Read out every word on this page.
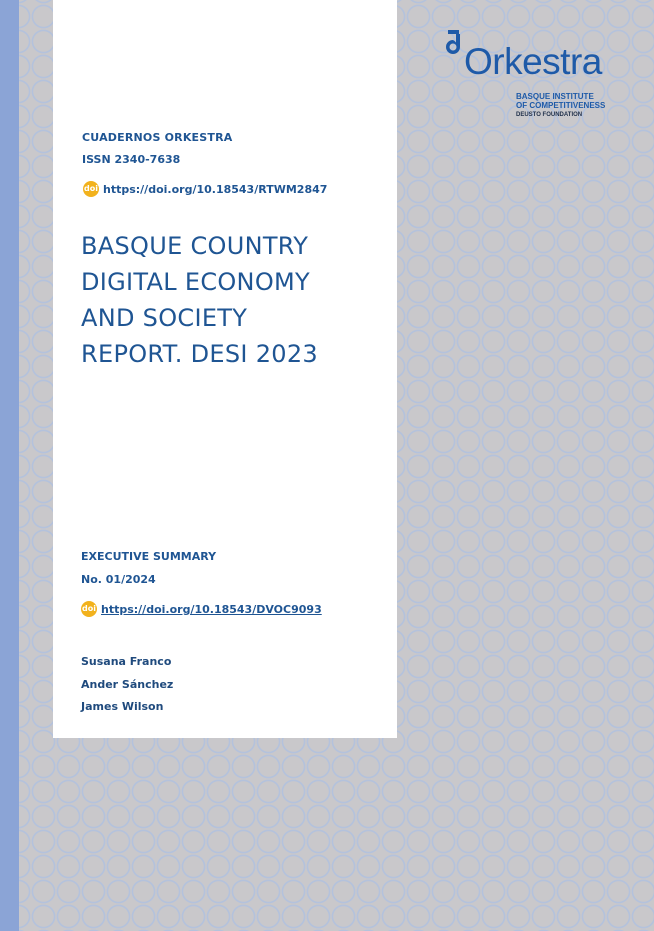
Orkestra
BASQUE INSTITUTE
OF COMPETITIVENESS
DEUSTO FOUNDATION
CUADERNOS ORKESTRA
ISSN 2340-7638
doi https://doi.org/10.18543/RTWM2847
BASQUE COUNTRY
DIGITAL ECONOMY
AND SOCIETY
REPORT. DESI 2023
EXECUTIVE SUMMARY
No. 01/2024
doi https://doi.org/10.18543/DVOC9093
Susana Franco
Ander Sánchez
James Wilson
